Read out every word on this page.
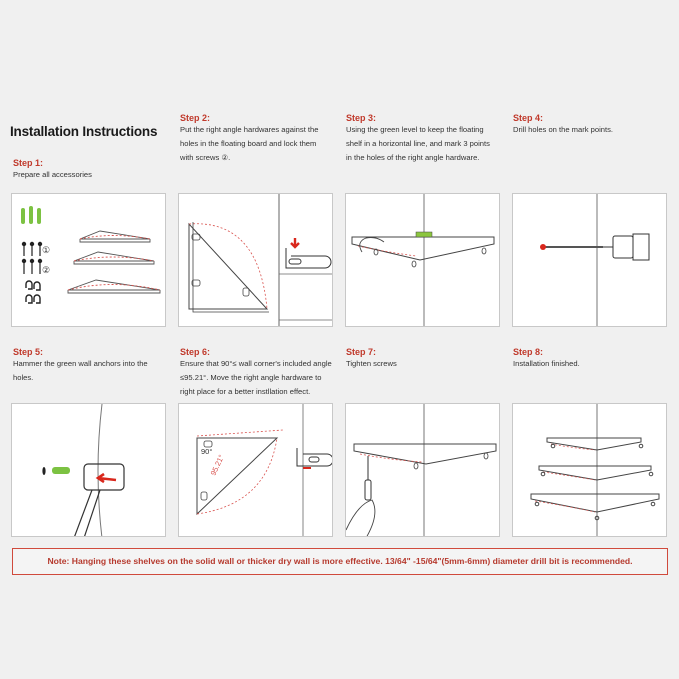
Installation Instructions
Step 1:
Prepare all accessories
Step 2:
Put the right angle hardwares against the
holes in the floating board and lock them
with screws ②.
Step 3:
Using the green level to keep the floating
shelf in a horizontal line, and mark 3 points
in the holes of the right angle hardware.
Step 4:
Drill holes on the mark points.
Step 5:
Hammer the green wall anchors into the
holes.
Step 6:
Ensure that 90°≤ wall corner's included angle
≤95.21°. Move the right angle hardware to
right place for a better instllation effect.
Step 7:
Tighten screws
Step 8:
Installation finished.
①
②
90°
95.21°
Note: Hanging these shelves on the solid wall or thicker dry wall is more effective. 13/64" -15/64"(5mm-6mm) diameter drill bit is recommended.
